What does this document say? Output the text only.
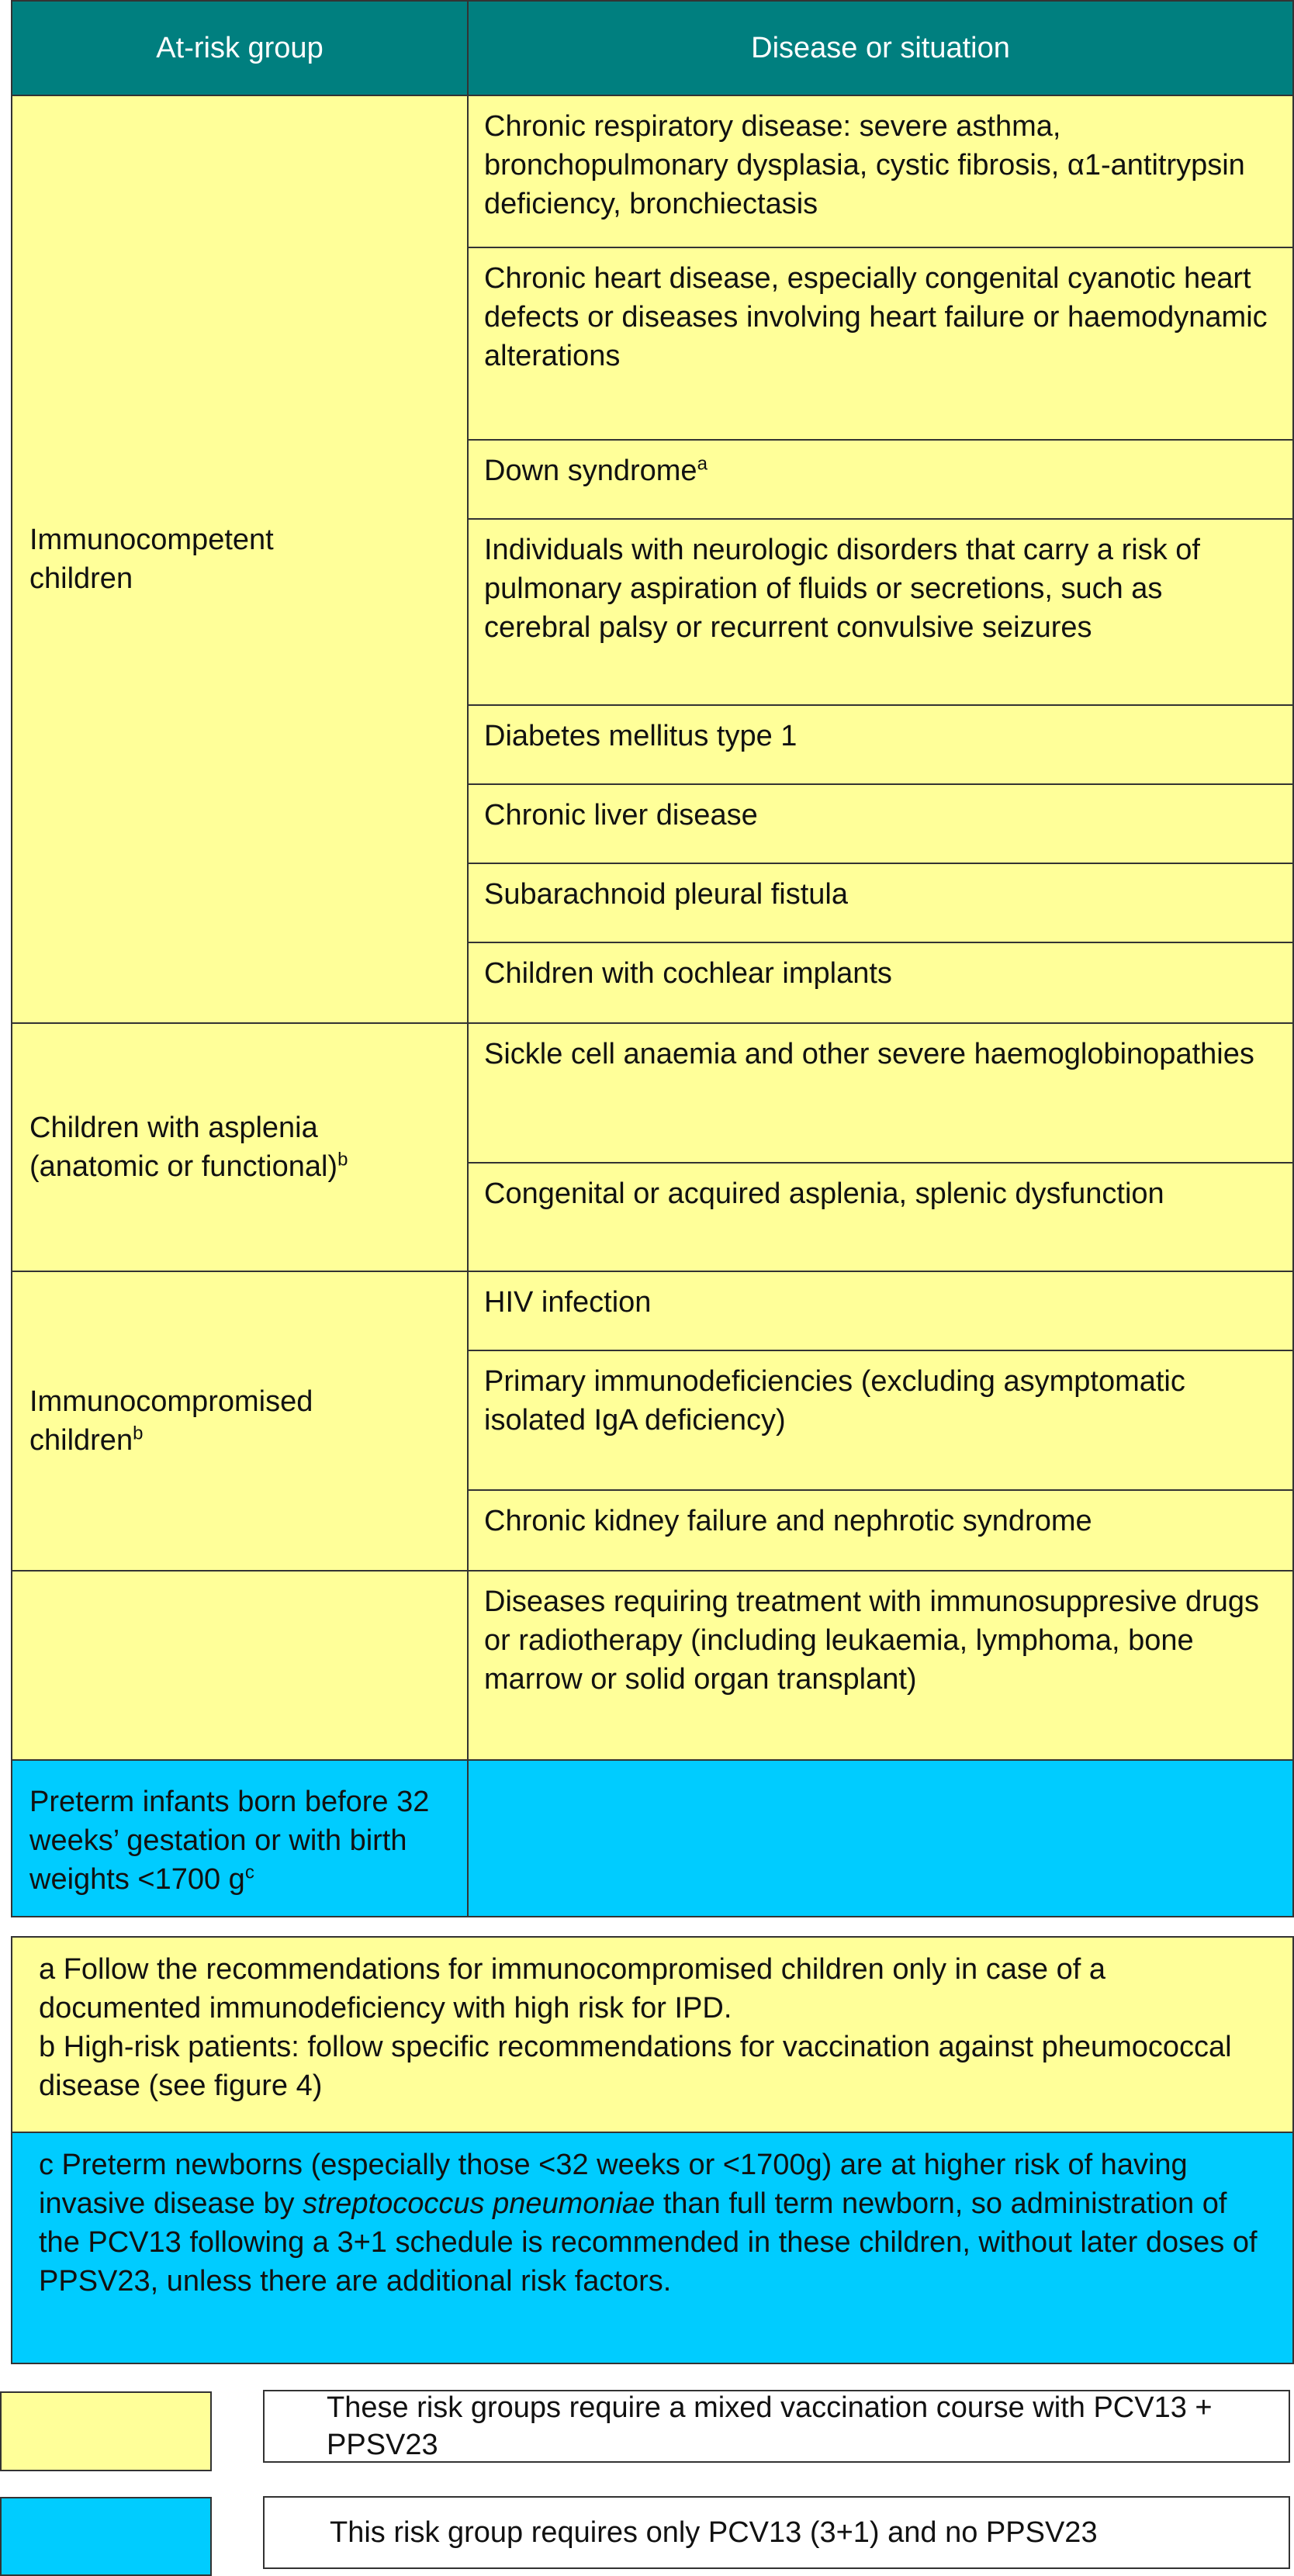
At-risk group	Disease or situation
Immunocompetent children
Chronic respiratory disease: severe asthma, bronchopulmonary dysplasia, cystic fibrosis, α1-antitrypsin deficiency, bronchiectasis
Chronic heart disease, especially congenital cyanotic heart defects or diseases involving heart failure or haemodynamic alterations
Down syndrome$^a$
Individuals with neurologic disorders that carry a risk of pulmonary aspiration of fluids or secretions, such as cerebral palsy or recurrent convulsive seizures
Diabetes mellitus type 1
Chronic liver disease
Subarachnoid pleural fistula
Children with cochlear implants
Children with asplenia (anatomic or functional)$^b$
Sickle cell anaemia and other severe haemoglobinopathies
Congenital or acquired asplenia, splenic dysfunction
Immunocompromised children$^b$
HIV infection
Primary immunodeficiencies (excluding asymptomatic isolated IgA deficiency)
Chronic kidney failure and nephrotic syndrome
Diseases requiring treatment with immunosuppresive drugs or radiotherapy (including leukaemia, lymphoma, bone marrow or solid organ transplant)
Preterm infants born before 32 weeks’ gestation or with birth weights <1700 $g^c$

a Follow the recommendations for immunocompromised children only in case of a documented immunodeficiency with high risk for IPD.

b High-risk patients: follow specific recommendations for vaccination against pheumococcal disease (see figure 4)

c Preterm newborns (especially those <32 weeks or <1700g) are at higher risk of having invasive disease by streptococcus pneumoniae than full term newborn, so administration of the PCV13 following a 3+1 schedule is recommended in these children, without later doses of PPSV23, unless there are additional risk factors.

These risk groups require a mixed vaccination course with PCV13 + PPSV23
This risk group requires only PCV13 (3+1) and no PPSV23
